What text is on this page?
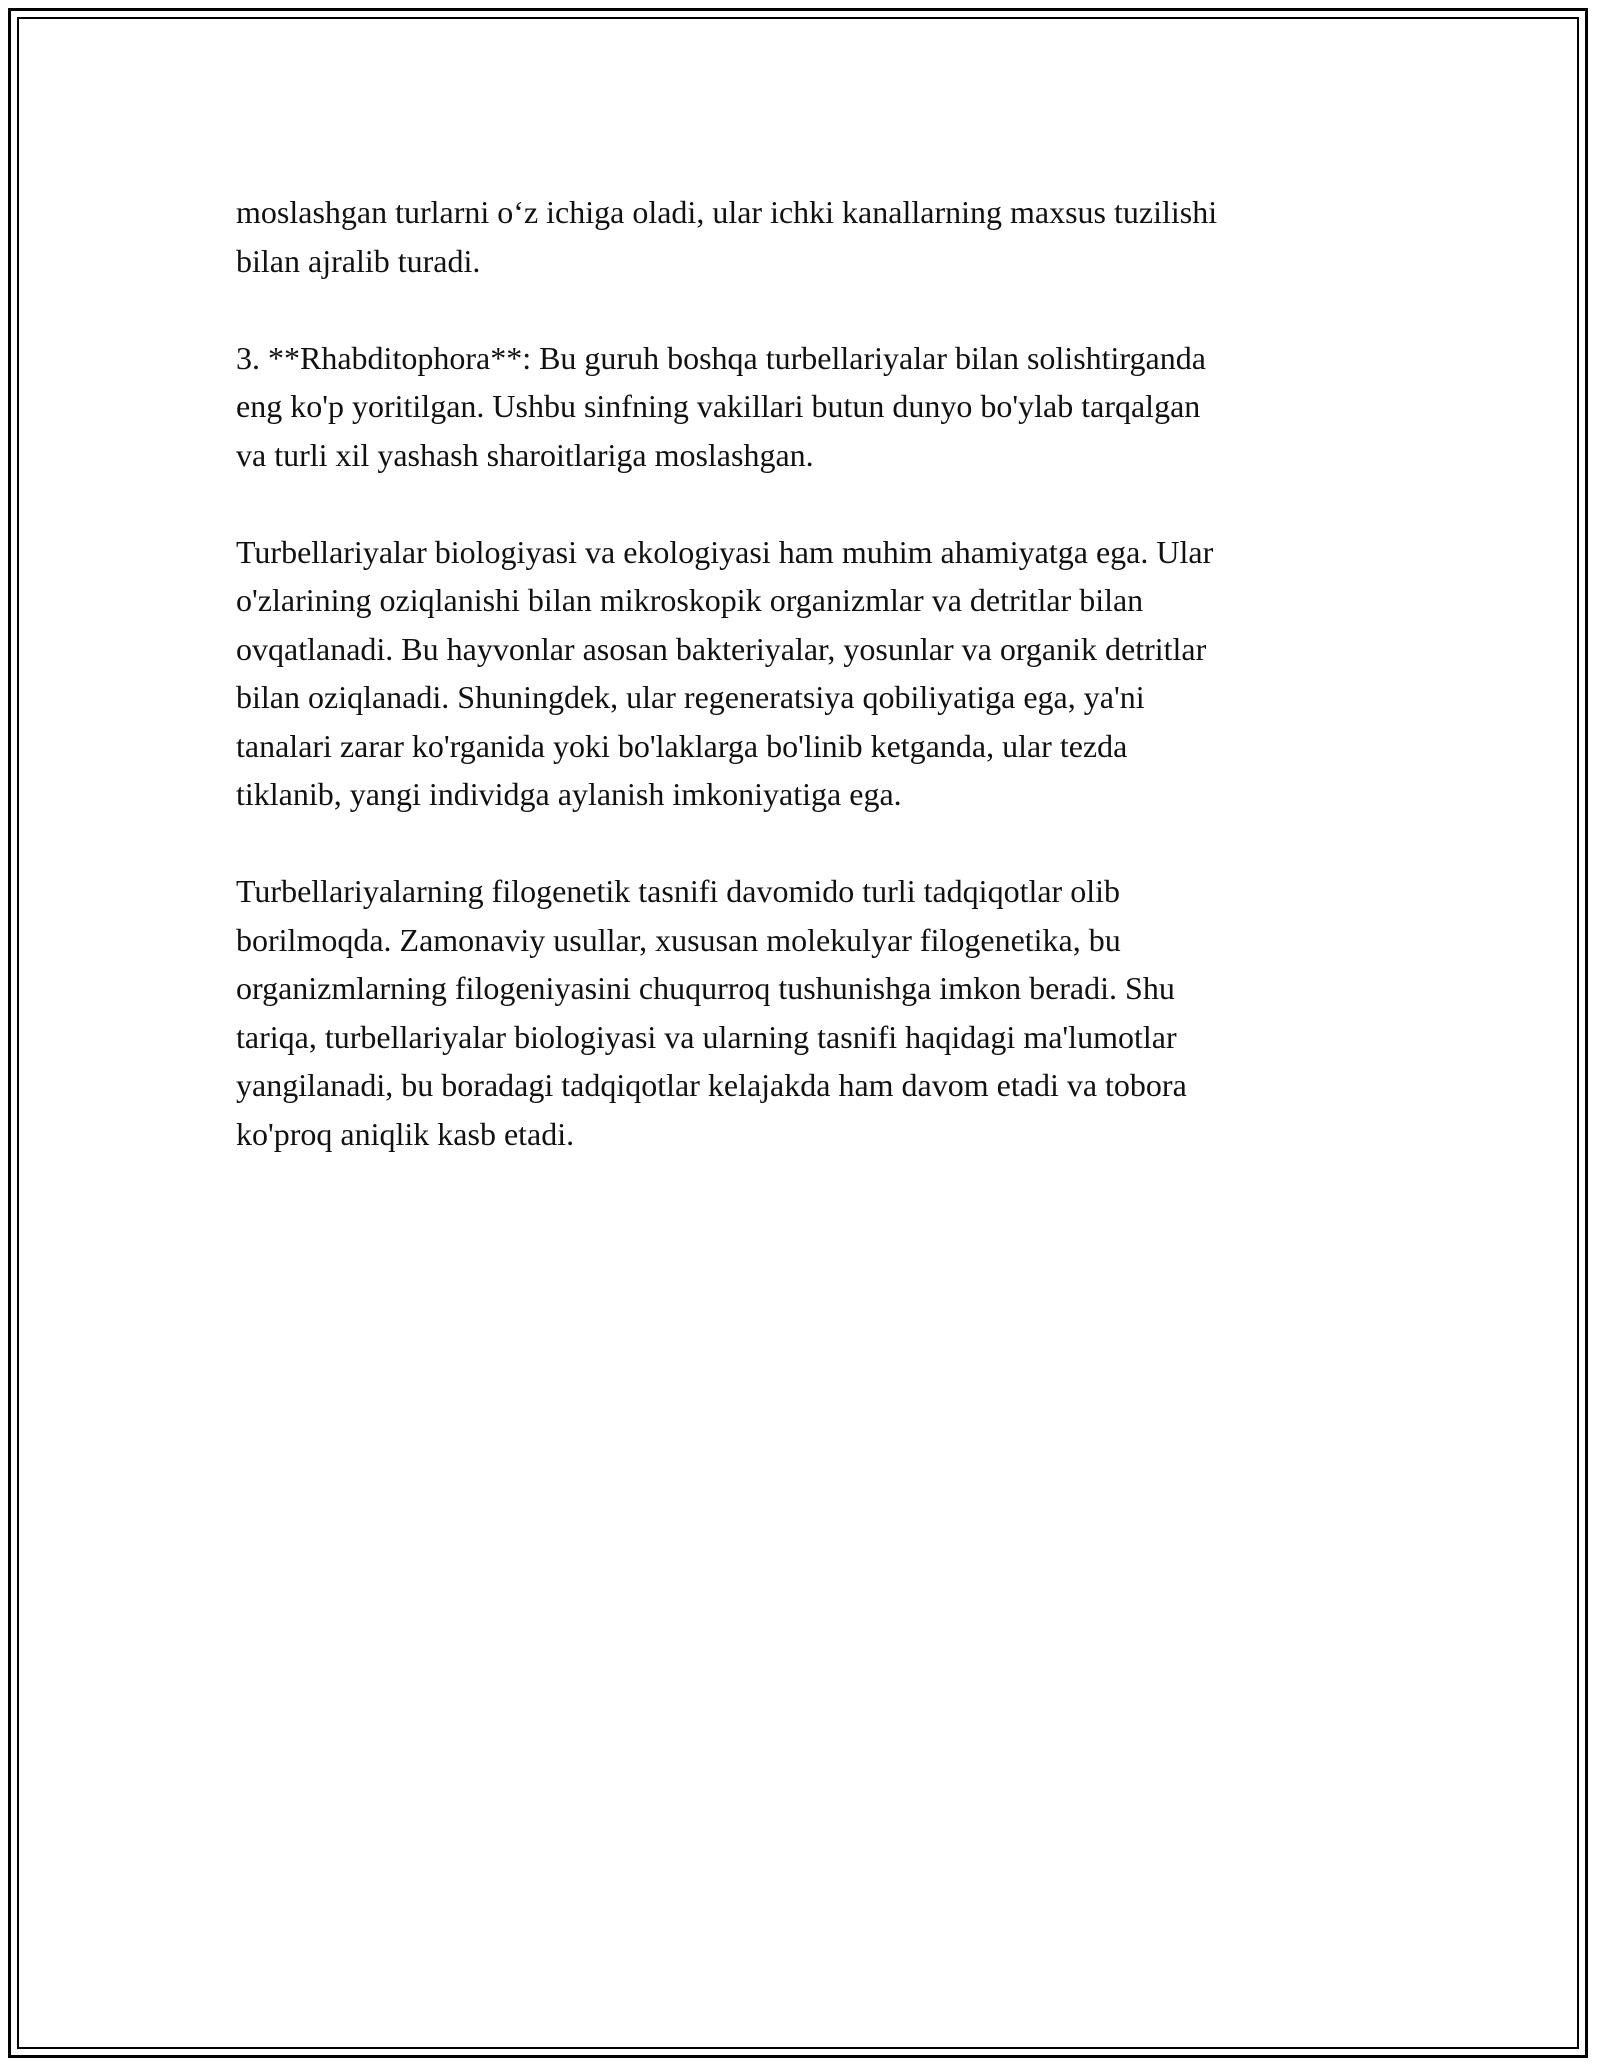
moslashgan turlarni o‘z ichiga oladi, ular ichki kanallarning maxsus tuzilishi
bilan ajralib turadi.

3. **Rhabditophora**: Bu guruh boshqa turbellariyalar bilan solishtirganda
eng ko'p yoritilgan. Ushbu sinfning vakillari butun dunyo bo'ylab tarqalgan
va turli xil yashash sharoitlariga moslashgan.

Turbellariyalar biologiyasi va ekologiyasi ham muhim ahamiyatga ega. Ular
o'zlarining oziqlanishi bilan mikroskopik organizmlar va detritlar bilan
ovqatlanadi. Bu hayvonlar asosan bakteriyalar, yosunlar va organik detritlar
bilan oziqlanadi. Shuningdek, ular regeneratsiya qobiliyatiga ega, ya'ni
tanalari zarar ko'rganida yoki bo'laklarga bo'linib ketganda, ular tezda
tiklanib, yangi individga aylanish imkoniyatiga ega.

Turbellariyalarning filogenetik tasnifi davomido turli tadqiqotlar olib
borilmoqda. Zamonaviy usullar, xususan molekulyar filogenetika, bu
organizmlarning filogeniyasini chuqurroq tushunishga imkon beradi. Shu
tariqa, turbellariyalar biologiyasi va ularning tasnifi haqidagi ma'lumotlar
yangilanadi, bu boradagi tadqiqotlar kelajakda ham davom etadi va tobora
ko'proq aniqlik kasb etadi.
